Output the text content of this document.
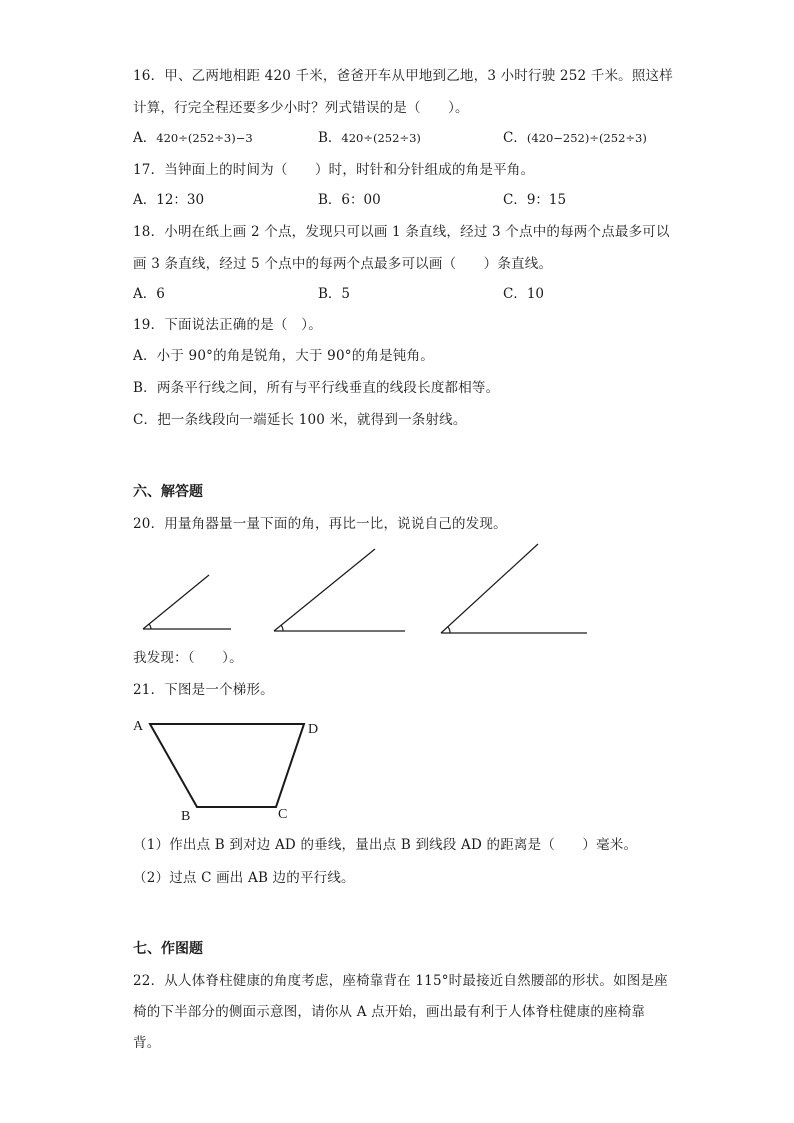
16．甲、乙两地相距 420 千米，爸爸开车从甲地到乙地，3 小时行驶 252 千米。照这样
计算，行完全程还要多少小时？列式错误的是（　　）。
A．420÷(252÷3)−3	B．420÷(252÷3)	C．(420−252)÷(252÷3)
17．当钟面上的时间为（　　）时，时针和分针组成的角是平角。
A．12：30	B．6：00	C．9：15
18．小明在纸上画 2 个点，发现只可以画 1 条直线，经过 3 个点中的每两个点最多可以
画 3 条直线，经过 5 个点中的每两个点最多可以画（　　）条直线。
A．6	B．5	C．10
19．下面说法正确的是（　）。
A．小于 90°的角是锐角，大于 90°的角是钝角。
B．两条平行线之间，所有与平行线垂直的线段长度都相等。
C．把一条线段向一端延长 100 米，就得到一条射线。
六、解答题
20．用量角器量一量下面的角，再比一比，说说自己的发现。
A	D
B	C
我发现：（　　）。
21．下图是一个梯形。
（1）作出点 B 到对边 AD 的垂线，量出点 B 到线段 AD 的距离是（　　）毫米。
（2）过点 C 画出 AB 边的平行线。
七、作图题
22．从人体脊柱健康的角度考虑，座椅靠背在 115°时最接近自然腰部的形状。如图是座
椅的下半部分的侧面示意图，请你从 A 点开始，画出最有利于人体脊柱健康的座椅靠
背。
